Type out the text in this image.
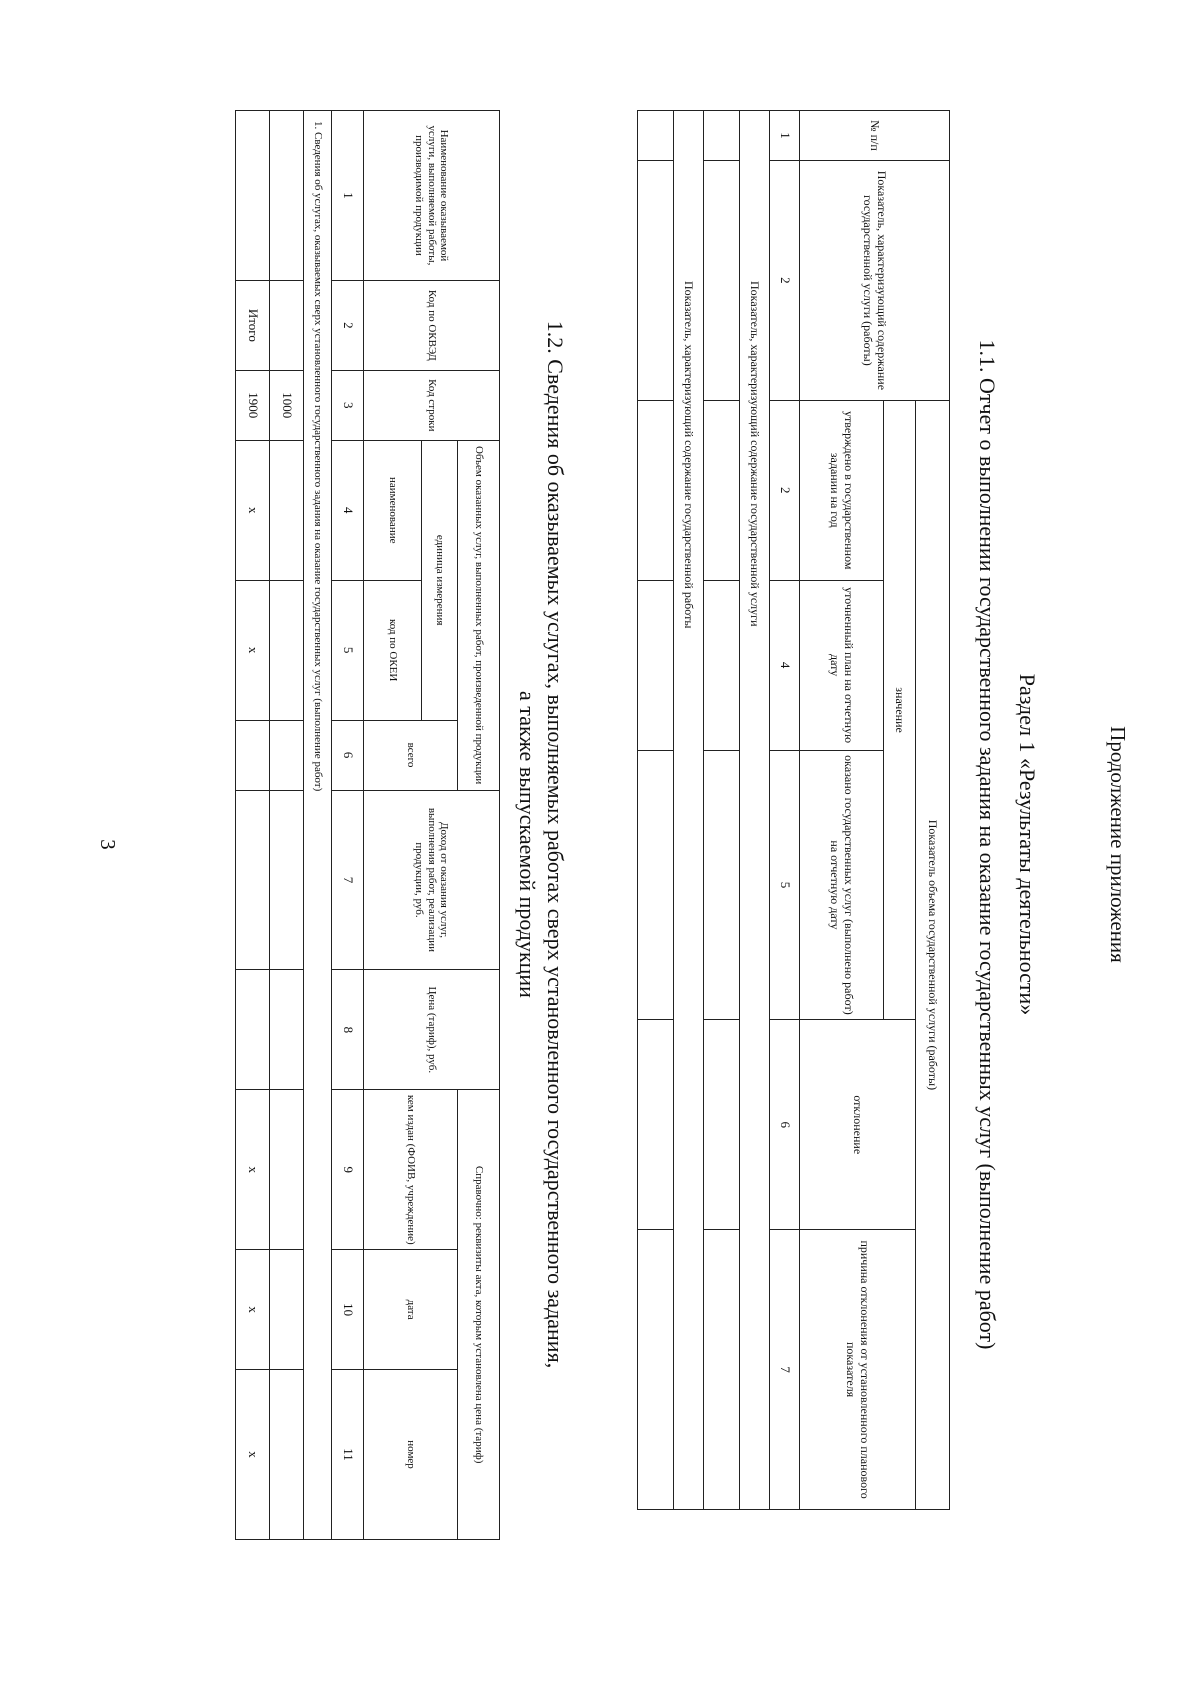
Продолжение приложения
3	Раздел 1 «Результаты деятельности»
1.1. Отчет о выполнении государственного задания на оказание государственных услуг (выполнение работ)
№ п/п	Показатель, характеризующий содержание государственной услуги (работы)	Показатель объема государственной услуги (работы)				
		значение			отклонение	причина отклонения от установленного планового показателя
		утверждено в государственном задании на год	уточненный план на отчетную дату	оказано государственных услуг (выполнено работ) на отчетную дату		
1	2	2	4	5	6	7
Показатель, характеризующий содержание государственной услуги						

Показатель, характеризующий содержание государственной работы						

1.2. Сведения об оказываемых услугах, выполняемых работах сверх установленного государственного задания,
а также выпускаемой продукции
Наименование оказываемой услуги, выполняемой работы, производимой продукции	Код по ОКВЭД	Код строки	Объем оказанных услуг, выполненных работ, произведенной продукции			Доход от оказания услуг, выполнения работ, реализации продукции, руб.	Цена (тариф), руб.	Справочно: реквизиты акта, которым установлена цена (тариф)		
			единица измерения		всего			кем издан (ФОИВ, учреждение)	дата	номер
			наименование	код по ОКЕИ						
1	2	3	4	5	6	7	8	9	10	11
1. Сведения об услугах, оказываемых сверх установленного государственного задания на оказание государственных услуг (выполнение работ)										
		1000								
	Итого	1900	х	х				х	х	х
